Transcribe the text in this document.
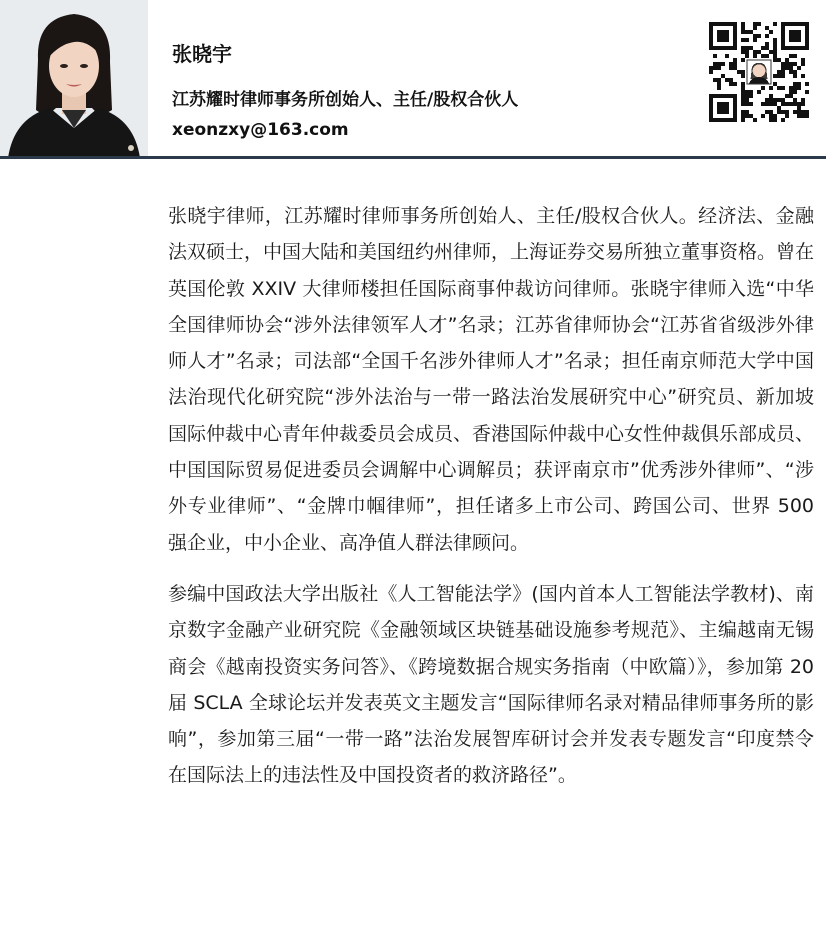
张晓宇
江苏耀时律师事务所创始人、主任/股权合伙人
xeonzxy@163.com

张晓宇律师，江苏耀时律师事务所创始人、主任/股权合伙人。经济法、金融法双硕士，中国大陆和美国纽约州律师，上海证券交易所独立董事资格。曾在英国伦敦 XXIV 大律师楼担任国际商事仲裁访问律师。张晓宇律师入选“中华全国律师协会“涉外法律领军人才”名录；江苏省律师协会“江苏省省级涉外律师人才”名录；司法部“全国千名涉外律师人才”名录；担任南京师范大学中国法治现代化研究院“涉外法治与一带一路法治发展研究中心”研究员、新加坡国际仲裁中心青年仲裁委员会成员、香港国际仲裁中心女性仲裁俱乐部成员、中国国际贸易促进委员会调解中心调解员；获评南京市”优秀涉外律师”、“涉外专业律师”、“金牌巾帼律师”，担任诸多上市公司、跨国公司、世界 500 强企业，中小企业、高净值人群法律顾问。

参编中国政法大学出版社《人工智能法学》(国内首本人工智能法学教材)、南京数字金融产业研究院《金融领域区块链基础设施参考规范》、主编越南无锡商会《越南投资实务问答》、《跨境数据合规实务指南（中欧篇）》，参加第 20 届 SCLA 全球论坛并发表英文主题发言“国际律师名录对精品律师事务所的影响”，参加第三届“一带一路”法治发展智库研讨会并发表专题发言“印度禁令在国际法上的违法性及中国投资者的救济路径”。
